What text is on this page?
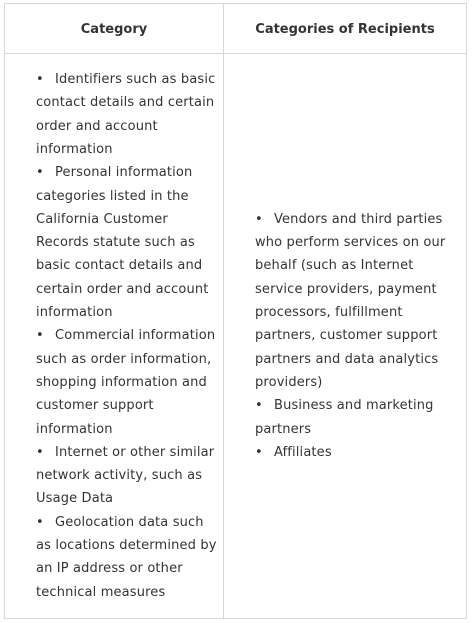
Category	Categories of Recipients
• Identifiers such as basic contact details and certain order and account information
• Personal information categories listed in the California Customer Records statute such as basic contact details and certain order and account information
• Commercial information such as order information, shopping information and customer support information
• Internet or other similar network activity, such as Usage Data
• Geolocation data such as locations determined by an IP address or other technical measures
• Vendors and third parties who perform services on our behalf (such as Internet service providers, payment processors, fulfillment partners, customer support partners and data analytics providers)
• Business and marketing partners
• Affiliates
